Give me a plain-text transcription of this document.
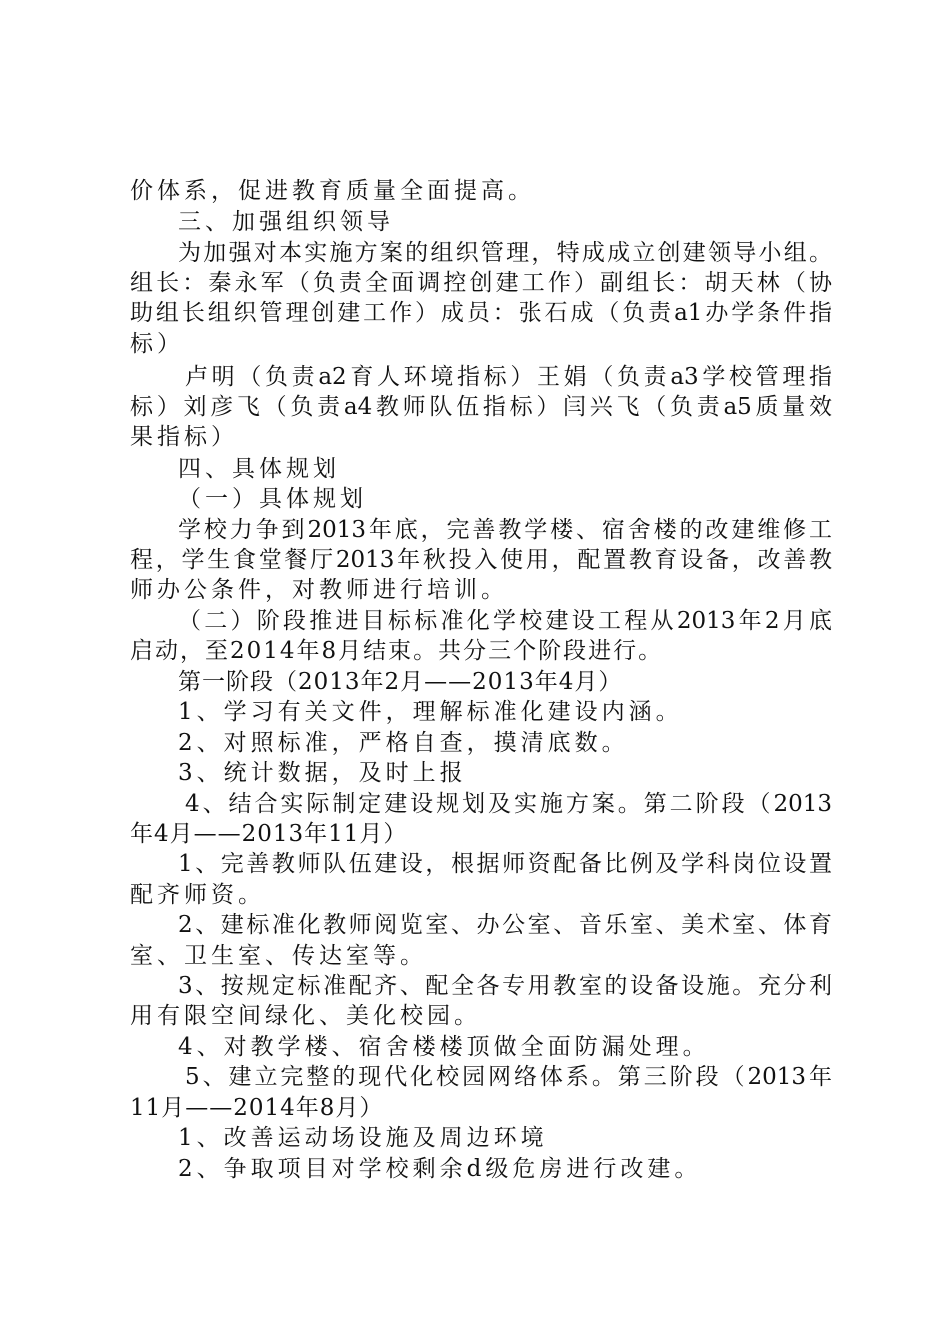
价体系，促进教育质量全面提高。
三、加强组织领导
为加强对本实施方案的组织管理，特成成立创建领导小组。
组长：秦永军（负责全面调控创建工作）副组长：胡天林（协
助组长组织管理创建工作）成员：张石成（负责a1办学条件指
标）
卢明（负责a2育人环境指标）王娟（负责a3学校管理指
标）刘彦飞（负责a4教师队伍指标）闫兴飞（负责a5质量效
果指标）
四、具体规划
（一）具体规划
学校力争到2013年底，完善教学楼、宿舍楼的改建维修工
程，学生食堂餐厅2013年秋投入使用，配置教育设备，改善教
师办公条件，对教师进行培训。
（二）阶段推进目标标准化学校建设工程从2013年2月底
启动，至2014年8月结束。共分三个阶段进行。
第一阶段（2013年2月——2013年4月）
1、学习有关文件，理解标准化建设内涵。
2、对照标准，严格自查，摸清底数。
3、统计数据，及时上报
4、结合实际制定建设规划及实施方案。第二阶段（2013
年4月——2013年11月）
1、完善教师队伍建设，根据师资配备比例及学科岗位设置
配齐师资。
2、建标准化教师阅览室、办公室、音乐室、美术室、体育
室、卫生室、传达室等。
3、按规定标准配齐、配全各专用教室的设备设施。充分利
用有限空间绿化、美化校园。
4、对教学楼、宿舍楼楼顶做全面防漏处理。
5、建立完整的现代化校园网络体系。第三阶段（2013年
11月——2014年8月）
1、改善运动场设施及周边环境
2、争取项目对学校剩余d级危房进行改建。
